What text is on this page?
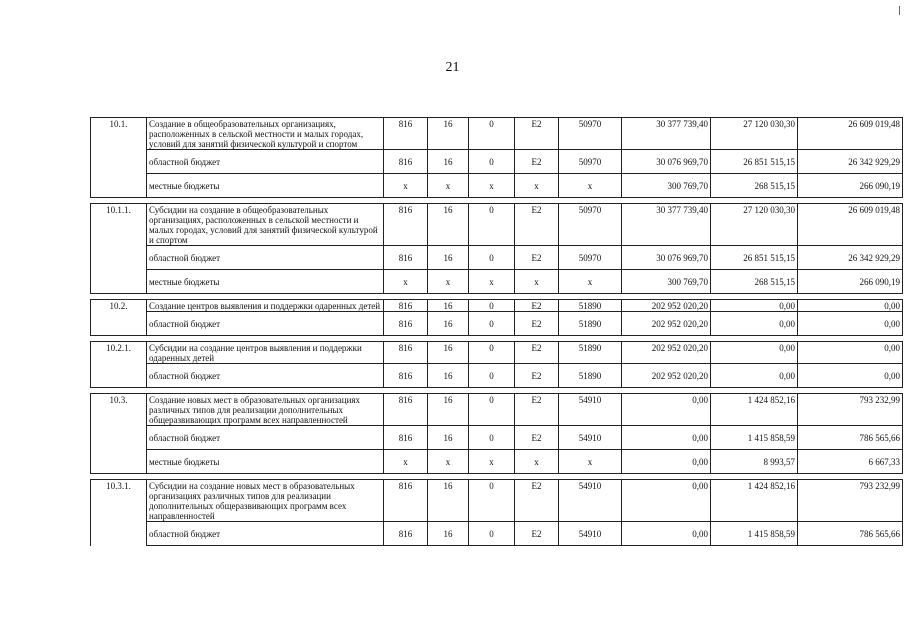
21
10.1.	Создание в общеобразовательных организациях, расположенных в сельской местности и малых городах, условий для занятий физической культурой и спортом	816	16	0	Е2	50970	30 377 739,40	27 120 030,30	26 609 019,48
	областной бюджет	816	16	0	Е2	50970	30 076 969,70	26 851 515,15	26 342 929,29
	местные бюджеты	х	х	х	х	х	300 769,70	268 515,15	266 090,19

10.1.1.	Субсидии на создание в общеобразовательных организациях, расположенных в сельской местности и малых городах, условий для занятий физической культурой и спортом	816	16	0	Е2	50970	30 377 739,40	27 120 030,30	26 609 019,48
	областной бюджет	816	16	0	Е2	50970	30 076 969,70	26 851 515,15	26 342 929,29
	местные бюджеты	х	х	х	х	х	300 769,70	268 515,15	266 090,19

10.2.	Создание центров выявления и поддержки одаренных детей	816	16	0	Е2	51890	202 952 020,20	0,00	0,00
	областной бюджет	816	16	0	Е2	51890	202 952 020,20	0,00	0,00

10.2.1.	Субсидии на создание центров выявления и поддержки одаренных детей	816	16	0	Е2	51890	202 952 020,20	0,00	0,00
	областной бюджет	816	16	0	Е2	51890	202 952 020,20	0,00	0,00

10.3.	Создание новых мест в образовательных организациях различных типов для реализации дополнительных общеразвивающих программ всех направленностей	816	16	0	Е2	54910	0,00	1 424 852,16	793 232,99
	областной бюджет	816	16	0	Е2	54910	0,00	1 415 858,59	786 565,66
	местные бюджеты	х	х	х	х	х	0,00	8 993,57	6 667,33

10.3.1.	Субсидии на создание новых мест в образовательных организациях различных типов для реализации дополнительных общеразвивающих программ всех направленностей	816	16	0	Е2	54910	0,00	1 424 852,16	793 232,99
	областной бюджет	816	16	0	Е2	54910	0,00	1 415 858,59	786 565,66
